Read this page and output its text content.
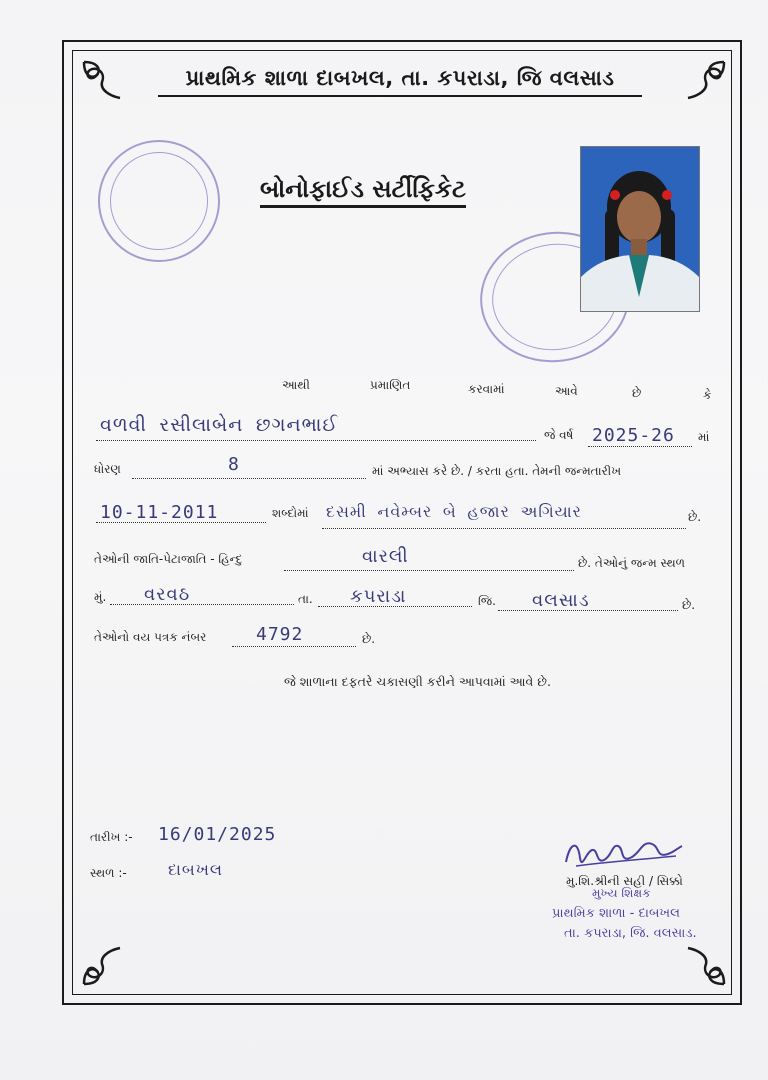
પ્રાથમિક શાળા દાબખલ, તા. કપરાડા, જિ વલસાડ
બોનોફાઈડ સર્ટીફિકેટ
આથી	પ્રમાણિત	કરવામાં	આવે	છે	કે
વળવી રસીલાબેન છગનભાઈ	જે વર્ષ 2025-26 માં
ધોરણ	8	માં અભ્યાસ કરે છે. / કરતા હતા. તેમની જન્મતારીખ
10-11-2011	શબ્દોમાં દસમી નવેમ્બર બે હજાર અગિયાર	છે.
તેઓની જાતિ-પેટાજાતિ - હિન્દુ	વારલી	છે. તેઓનું જન્મ સ્થળ
મું. વરવઠ	તા. કપરાડા	જિ. વલસાડ	છે.
તેઓનો વય પત્રક નંબર	4792	છે.
જે શાળાના દફતરે ચકાસણી કરીને આપવામાં આવે છે.
તારીખ :- 16/01/2025
સ્થળ :-	દાબખલ
મુ.શિ.શ્રીની સહી / સિક્કો
મુખ્ય શિક્ષક
પ્રાથમિક શાળા - દાબખલ
તા. કપરાડા, જિ. વલસાડ.
